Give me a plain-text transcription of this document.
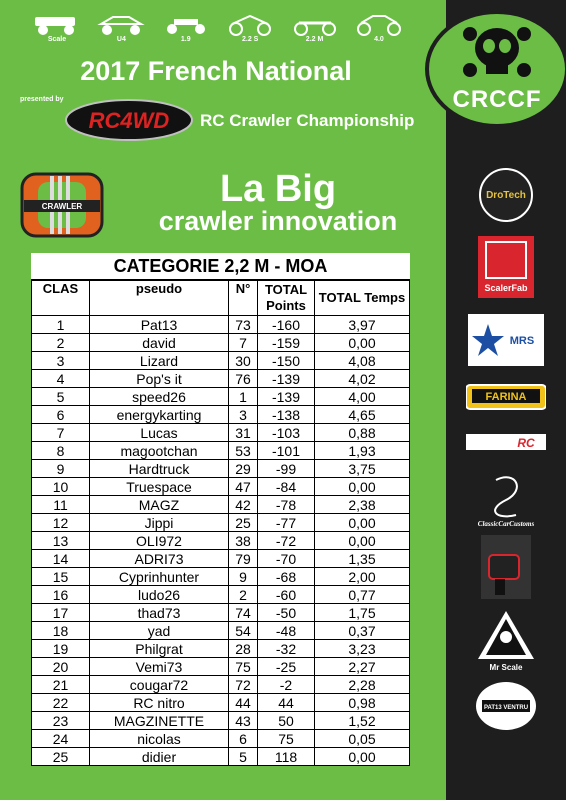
Scale	U4	1.9	2.2 S	2.2 M	4.0
2017 French National
presented by
RC4WD RC Crawler Championship
CRCCF
CRAWLER	La Big
crawler innovation
CATEGORIE 2,2 M - MOA
CLAS	pseudo	N°	TOTAL Points	TOTAL Temps

1	Pat13	73	-160	3,97
2	david	7	-159	0,00
3	Lizard	30	-150	4,08
4	Pop's it	76	-139	4,02
5	speed26	1	-139	4,00
6	energykarting	3	-138	4,65
7	Lucas	31	-103	0,88
8	magootchan	53	-101	1,93
9	Hardtruck	29	-99	3,75
10	Truespace	47	-84	0,00
11	MAGZ	42	-78	2,38
12	Jippi	25	-77	0,00
13	OLI972	38	-72	0,00
14	ADRI73	79	-70	1,35
15	Cyprinhunter	9	-68	2,00
16	ludo26	2	-60	0,77
17	thad73	74	-50	1,75
18	yad	54	-48	0,37
19	Philgrat	28	-32	3,23
20	Vemi73	75	-25	2,27
21	cougar72	72	-2	2,28
22	RC nitro	44	44	0,98
23	MAGZINETTE	43	50	1,52
24	nicolas	6	75	0,05
25	didier	5	118	0,00
DroTech
ScalerFab
MRS
FARINA
RC
ClassicCarCustoms
Mr Scale
PAT13 VENTRU
